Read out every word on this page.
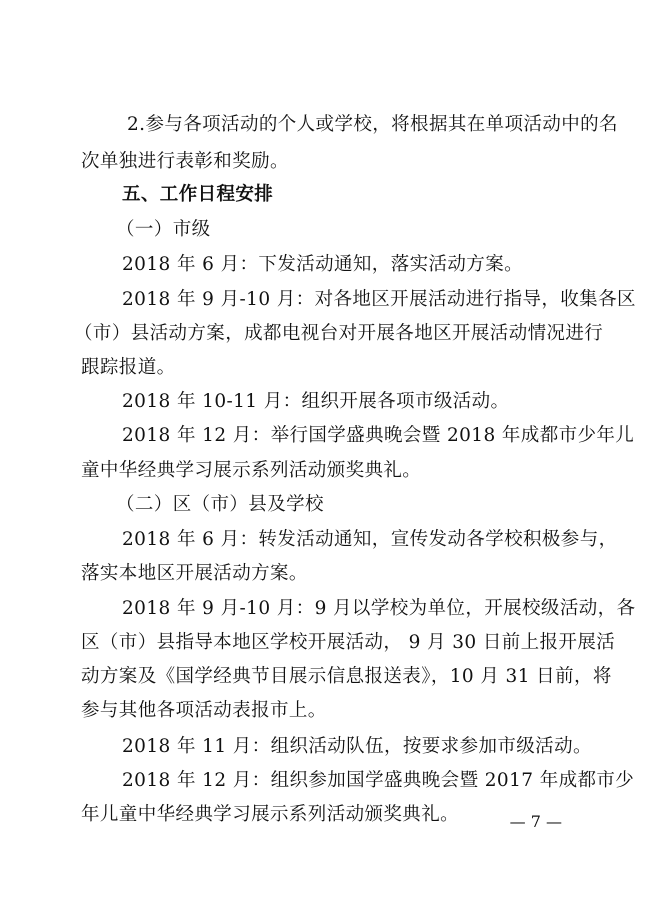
2.参与各项活动的个人或学校，将根据其在单项活动中的名
次单独进行表彰和奖励。
五、工作日程安排
（一）市级
2018 年 6 月：下发活动通知，落实活动方案。
2018 年 9 月-10 月：对各地区开展活动进行指导，收集各区
（市）县活动方案，成都电视台对开展各地区开展活动情况进行
跟踪报道。
2018 年 10-11 月：组织开展各项市级活动。
2018 年 12 月：举行国学盛典晚会暨 2018 年成都市少年儿
童中华经典学习展示系列活动颁奖典礼。
（二）区（市）县及学校
2018 年 6 月：转发活动通知，宣传发动各学校积极参与，
落实本地区开展活动方案。
2018 年 9 月-10 月：9 月以学校为单位，开展校级活动，各
区（市）县指导本地区学校开展活动， 9 月 30 日前上报开展活
动方案及《国学经典节目展示信息报送表》，10 月 31 日前，将
参与其他各项活动表报市上。
2018 年 11 月：组织活动队伍，按要求参加市级活动。
2018 年 12 月：组织参加国学盛典晚会暨 2017 年成都市少
年儿童中华经典学习展示系列活动颁奖典礼。	— 7 —
